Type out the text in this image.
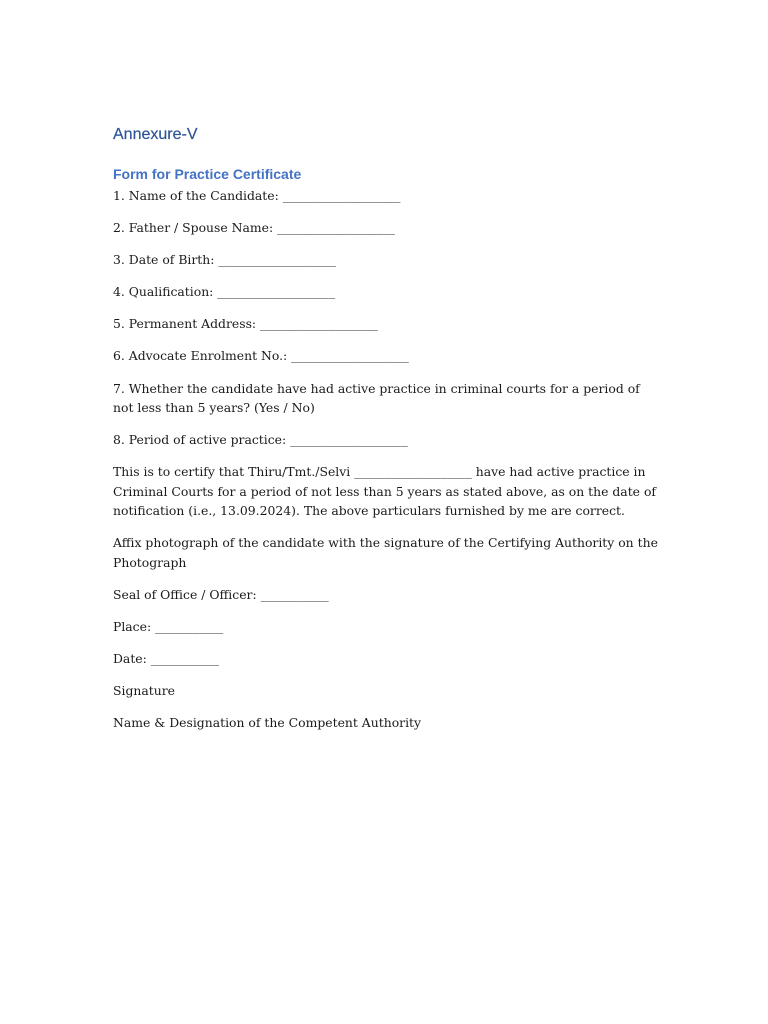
Annexure-V
Form for Practice Certificate

1. Name of the Candidate: ___________________

2. Father / Spouse Name: ___________________

3. Date of Birth: ___________________

4. Qualification: ___________________

5. Permanent Address: ___________________

6. Advocate Enrolment No.: ___________________

7. Whether the candidate have had active practice in criminal courts for a period of not less than 5 years? (Yes / No)

8. Period of active practice: ___________________

This is to certify that Thiru/Tmt./Selvi ___________________ have had active practice in Criminal Courts for a period of not less than 5 years as stated above, as on the date of notification (i.e., 13.09.2024). The above particulars furnished by me are correct.

Affix photograph of the candidate with the signature of the Certifying Authority on the Photograph

Seal of Office / Officer: ___________

Place: ___________

Date: ___________

Signature

Name & Designation of the Competent Authority
